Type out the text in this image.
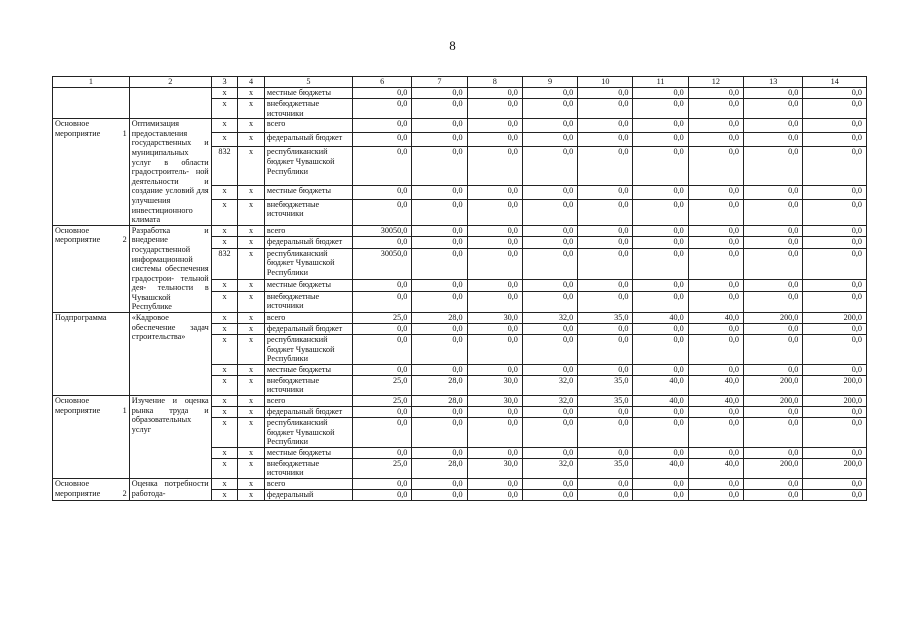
8
1	2	3	4	5	6	7	8	9	10	11	12	13	14
		x	x	местные бюджеты	0,0	0,0	0,0	0,0	0,0	0,0	0,0	0,0	0,0
		x	x	внебюджетные источники	0,0	0,0	0,0	0,0	0,0	0,0	0,0	0,0	0,0
Основное мероприятие 1	Оптимизация предоставления государственных и муниципальных услуг в области градостроитель- ной деятельности и создание условий для улучшения инвестиционного климата	x	x	всего	0,0	0,0	0,0	0,0	0,0	0,0	0,0	0,0	0,0
		x	x	федеральный бюджет	0,0	0,0	0,0	0,0	0,0	0,0	0,0	0,0	0,0
		832	x	республиканский бюджет Чувашской Республики	0,0	0,0	0,0	0,0	0,0	0,0	0,0	0,0	0,0
		x	x	местные бюджеты	0,0	0,0	0,0	0,0	0,0	0,0	0,0	0,0	0,0
		x	x	внебюджетные источники	0,0	0,0	0,0	0,0	0,0	0,0	0,0	0,0	0,0
Основное мероприятие 2	Разработка и внедрение государственной информационной системы обеспечения градострои- тельной дея- тельности в Чувашской Республике	x	x	всего	30050,0	0,0	0,0	0,0	0,0	0,0	0,0	0,0	0,0
		x	x	федеральный бюджет	0,0	0,0	0,0	0,0	0,0	0,0	0,0	0,0	0,0
		832	x	республиканский бюджет Чувашской Республики	30050,0	0,0	0,0	0,0	0,0	0,0	0,0	0,0	0,0
		x	x	местные бюджеты	0,0	0,0	0,0	0,0	0,0	0,0	0,0	0,0	0,0
		x	x	внебюджетные источники	0,0	0,0	0,0	0,0	0,0	0,0	0,0	0,0	0,0
Подпрограмма	«Кадровое обеспечение задач строительства»	x	x	всего	25,0	28,0	30,0	32,0	35,0	40,0	40,0	200,0	200,0
		x	x	федеральный бюджет	0,0	0,0	0,0	0,0	0,0	0,0	0,0	0,0	0,0
		x	x	республиканский бюджет Чувашской Республики	0,0	0,0	0,0	0,0	0,0	0,0	0,0	0,0	0,0
		x	x	местные бюджеты	0,0	0,0	0,0	0,0	0,0	0,0	0,0	0,0	0,0
		x	x	внебюджетные источники	25,0	28,0	30,0	32,0	35,0	40,0	40,0	200,0	200,0
Основное мероприятие 1	Изучение и оценка рынка труда и образовательных услуг	x	x	всего	25,0	28,0	30,0	32,0	35,0	40,0	40,0	200,0	200,0
		x	x	федеральный бюджет	0,0	0,0	0,0	0,0	0,0	0,0	0,0	0,0	0,0
		x	x	республиканский бюджет Чувашской Республики	0,0	0,0	0,0	0,0	0,0	0,0	0,0	0,0	0,0
		x	x	местные бюджеты	0,0	0,0	0,0	0,0	0,0	0,0	0,0	0,0	0,0
		x	x	внебюджетные источники	25,0	28,0	30,0	32,0	35,0	40,0	40,0	200,0	200,0
Основное мероприятие 2	Оценка потребности работода-	x	x	всего	0,0	0,0	0,0	0,0	0,0	0,0	0,0	0,0	0,0
		x	x	федеральный	0,0	0,0	0,0	0,0	0,0	0,0	0,0	0,0	0,0
